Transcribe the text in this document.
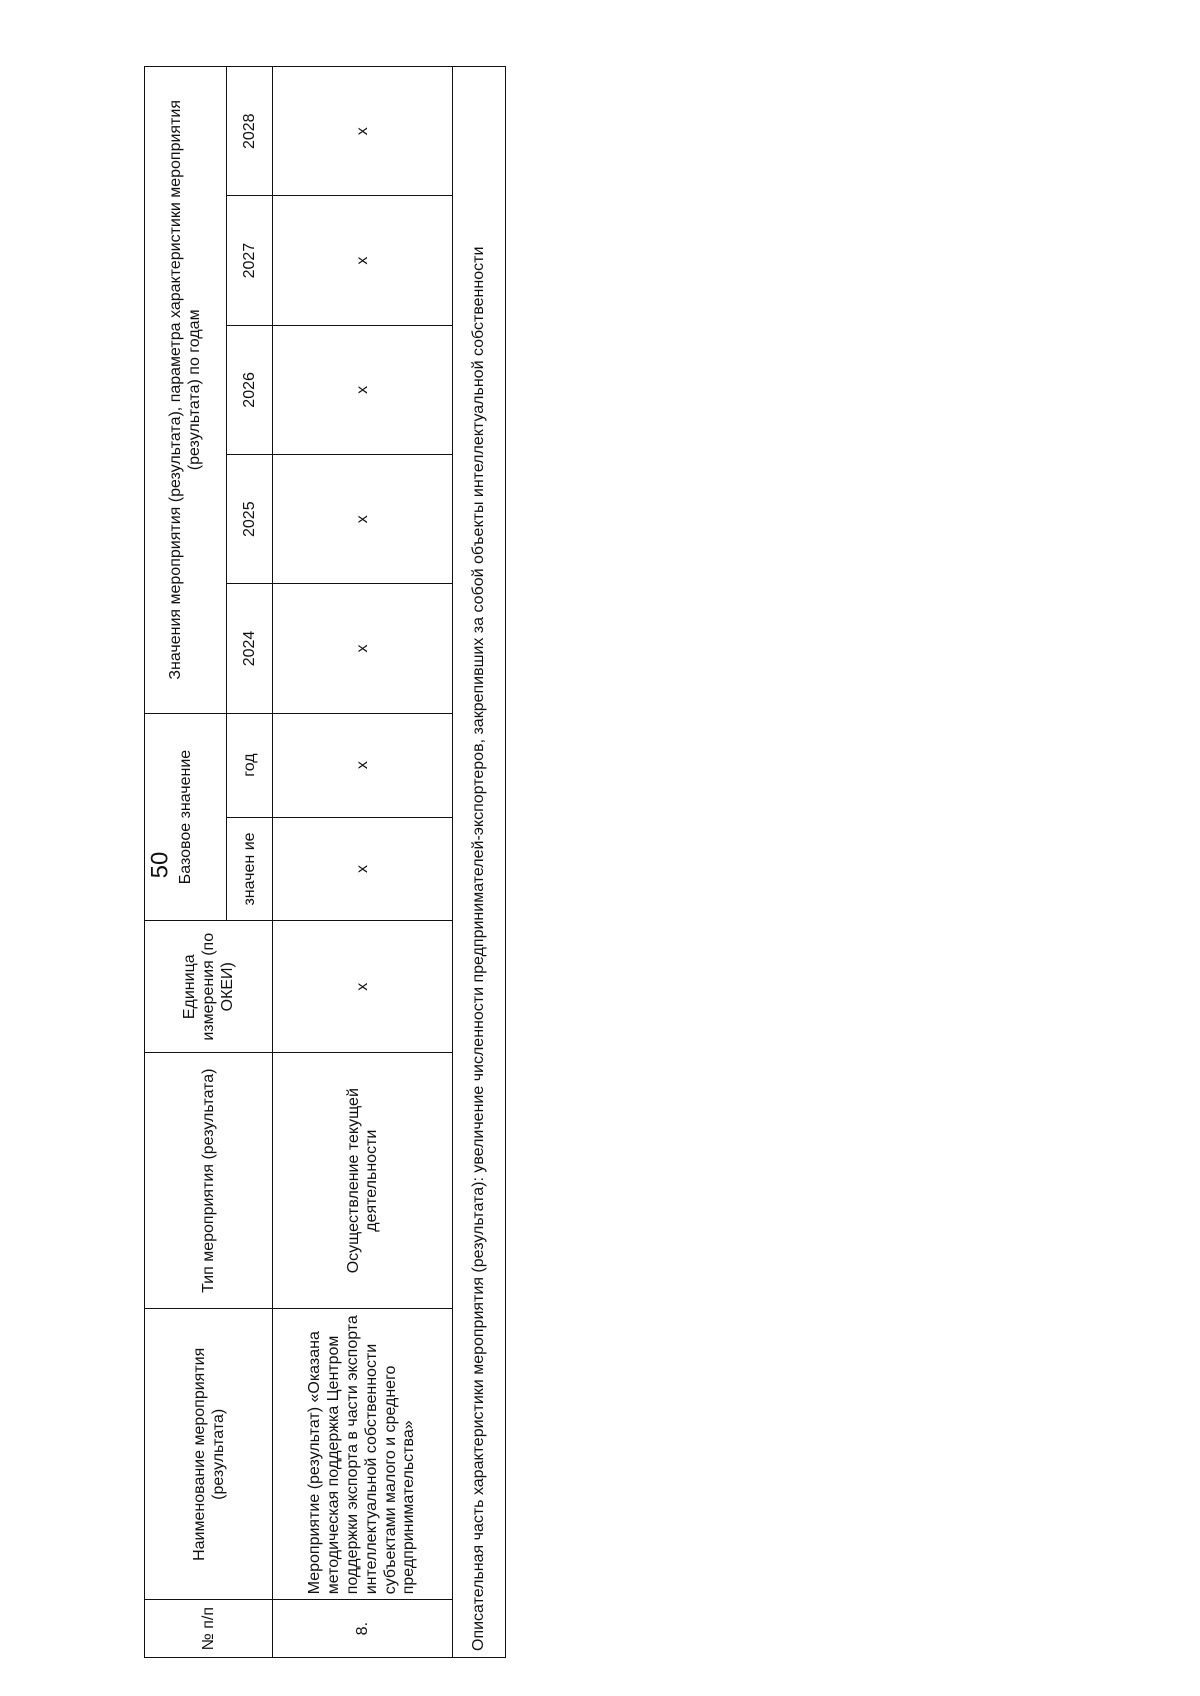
50
№ п/п	Наименование мероприятия (результата)	Тип мероприятия (результата)	Единица измерения (по ОКЕИ)	Базовое значение		Значения мероприятия (результата), параметра характеристики мероприятия (результата) по годам				
				значен ие	год	2024	2025	2026	2027	2028
8.	Мероприятие (результат) «Оказана методическая поддержка Центром поддержки экспорта в части экспорта интеллектуальной собственности субъектами малого и среднего предпринимательства»	Осуществление текущей деятельности	x	x	x	x	x	x	x	x
Описательная часть характеристики мероприятия (результата): увеличение численности предпринимателей-экспортеров, закрепивших за собой объекты интеллектуальной собственности										
